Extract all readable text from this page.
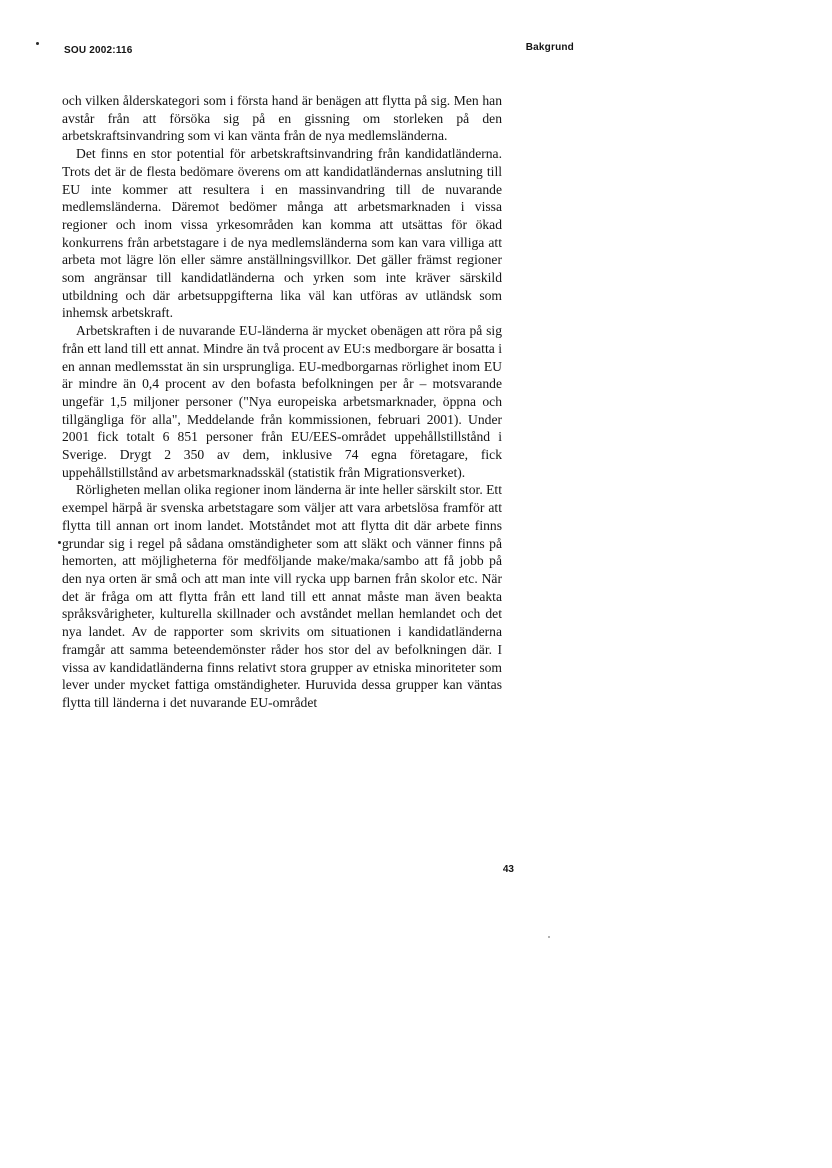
SOU 2002:116	Bakgrund

och vilken ålderskategori som i första hand är benägen att flytta på sig. Men han avstår från att försöka sig på en gissning om storleken på den arbetskraftsinvandring som vi kan vänta från de nya medlemsländerna.

Det finns en stor potential för arbetskraftsinvandring från kandidatländerna. Trots det är de flesta bedömare överens om att kandidatländernas anslutning till EU inte kommer att resultera i en massinvandring till de nuvarande medlemsländerna. Däremot bedömer många att arbetsmarknaden i vissa regioner och inom vissa yrkesområden kan komma att utsättas för ökad konkurrens från arbetstagare i de nya medlemsländerna som kan vara villiga att arbeta mot lägre lön eller sämre anställningsvillkor. Det gäller främst regioner som angränsar till kandidatländerna och yrken som inte kräver särskild utbildning och där arbetsuppgifterna lika väl kan utföras av utländsk som inhemsk arbetskraft.

Arbetskraften i de nuvarande EU-länderna är mycket obenägen att röra på sig från ett land till ett annat. Mindre än två procent av EU:s medborgare är bosatta i en annan medlemsstat än sin ursprungliga. EU-medborgarnas rörlighet inom EU är mindre än 0,4 procent av den bofasta befolkningen per år – motsvarande ungefär 1,5 miljoner personer ("Nya europeiska arbetsmarknader, öppna och tillgängliga för alla", Meddelande från kommissionen, februari 2001). Under 2001 fick totalt 6 851 personer från EU/EES-området uppehållstillstånd i Sverige. Drygt 2 350 av dem, inklusive 74 egna företagare, fick uppehållstillstånd av arbetsmarknadsskäl (statistik från Migrationsverket).

Rörligheten mellan olika regioner inom länderna är inte heller särskilt stor. Ett exempel härpå är svenska arbetstagare som väljer att vara arbetslösa framför att flytta till annan ort inom landet. Motståndet mot att flytta dit där arbete finns grundar sig i regel på sådana omständigheter som att släkt och vänner finns på hemorten, att möjligheterna för medföljande make/maka/sambo att få jobb på den nya orten är små och att man inte vill rycka upp barnen från skolor etc. När det är fråga om att flytta från ett land till ett annat måste man även beakta språksvårigheter, kulturella skillnader och avståndet mellan hemlandet och det nya landet. Av de rapporter som skrivits om situationen i kandidatländerna framgår att samma beteendemönster råder hos stor del av befolkningen där. I vissa av kandidatländerna finns relativt stora grupper av etniska minoriteter som lever under mycket fattiga omständigheter. Huruvida dessa grupper kan väntas flytta till länderna i det nuvarande EU-området

43
